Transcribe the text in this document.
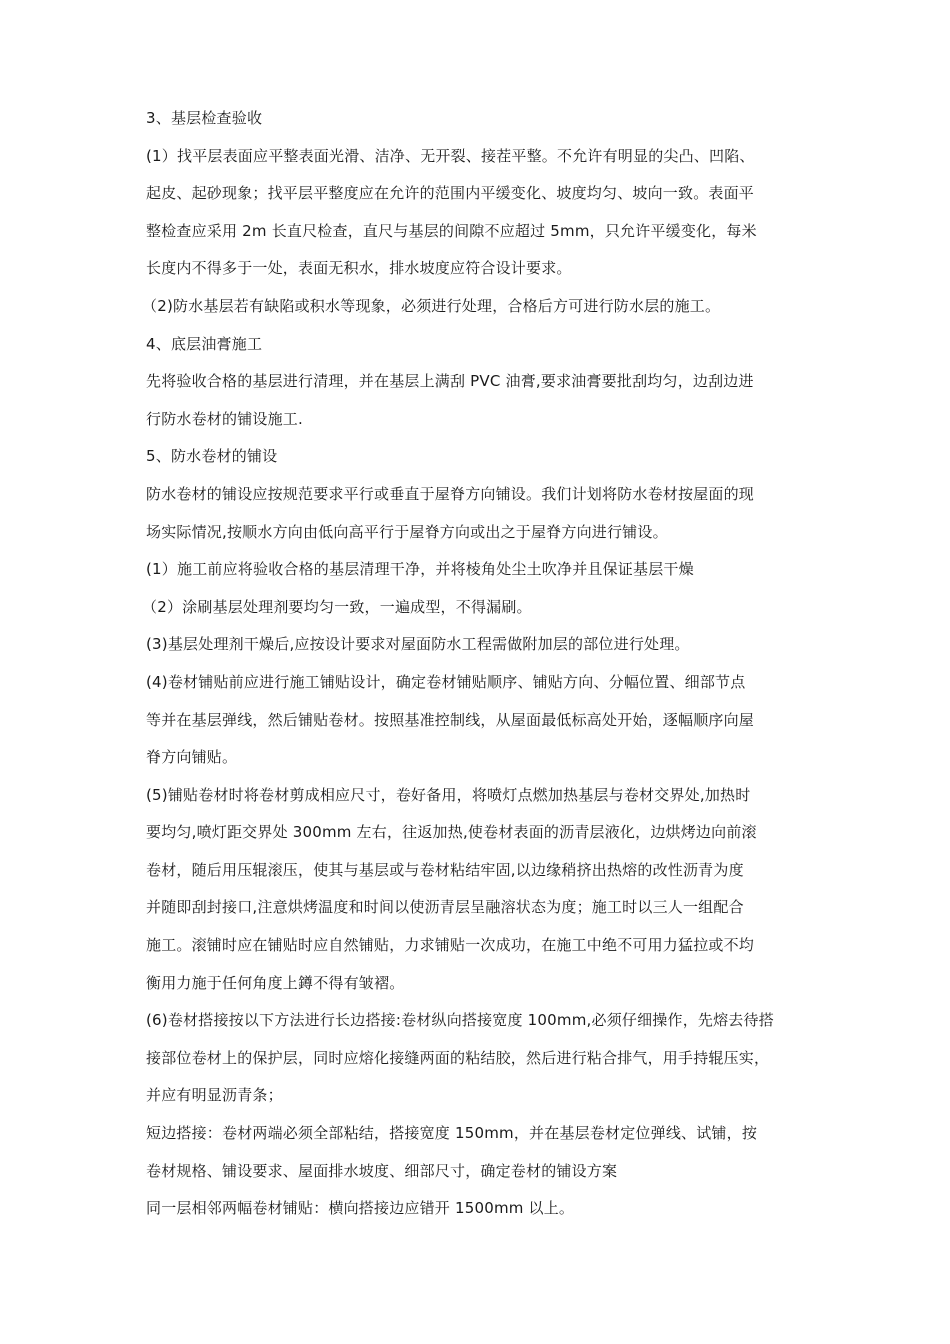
3、基层检查验收
(1）找平层表面应平整表面光滑、洁净、无开裂、接茬平整。不允许有明显的尖凸、凹陷、
起皮、起砂现象；找平层平整度应在允许的范围内平缓变化、坡度均匀、坡向一致。表面平
整检查应采用 2m 长直尺检查，直尺与基层的间隙不应超过 5mm，只允许平缓变化，每米
长度内不得多于一处，表面无积水，排水坡度应符合设计要求。
（2)防水基层若有缺陷或积水等现象，必须进行处理，合格后方可进行防水层的施工。
4、底层油膏施工
先将验收合格的基层进行清理，并在基层上满刮 PVC 油膏,要求油膏要批刮均匀，边刮边进
行防水卷材的铺设施工.
5、防水卷材的铺设
防水卷材的铺设应按规范要求平行或垂直于屋脊方向铺设。我们计划将防水卷材按屋面的现
场实际情况,按顺水方向由低向高平行于屋脊方向或出之于屋脊方向进行铺设。
(1）施工前应将验收合格的基层清理干净，并将棱角处尘土吹净并且保证基层干燥
（2）涂刷基层处理剂要均匀一致，一遍成型，不得漏刷。
(3)基层处理剂干燥后,应按设计要求对屋面防水工程需做附加层的部位进行处理。
(4)卷材铺贴前应进行施工铺贴设计，确定卷材铺贴顺序、铺贴方向、分幅位置、细部节点
等并在基层弹线，然后铺贴卷材。按照基准控制线，从屋面最低标高处开始，逐幅顺序向屋
脊方向铺贴。
(5)铺贴卷材时将卷材剪成相应尺寸，卷好备用，将喷灯点燃加热基层与卷材交界处,加热时
要均匀,喷灯距交界处 300mm 左右，往返加热,使卷材表面的沥青层液化，边烘烤边向前滚
卷材，随后用压辊滚压，使其与基层或与卷材粘结牢固,以边缘稍挤出热熔的改性沥青为度
并随即刮封接口,注意烘烤温度和时间以使沥青层呈融溶状态为度；施工时以三人一组配合
施工。滚铺时应在铺贴时应自然铺贴，力求铺贴一次成功，在施工中绝不可用力猛拉或不均
衡用力施于任何角度上鐏不得有皱褶。
(6)卷材搭接按以下方法进行长边搭接:卷材纵向搭接宽度 100mm,必须仔细操作，先熔去待搭
接部位卷材上的保护层，同时应熔化接缝两面的粘结胶，然后进行粘合排气，用手持辊压实，
并应有明显沥青条；
短边搭接：卷材两端必须全部粘结，搭接宽度 150mm，并在基层卷材定位弹线、试铺，按
卷材规格、铺设要求、屋面排水坡度、细部尺寸，确定卷材的铺设方案
同一层相邻两幅卷材铺贴：横向搭接边应错开 1500mm 以上。
